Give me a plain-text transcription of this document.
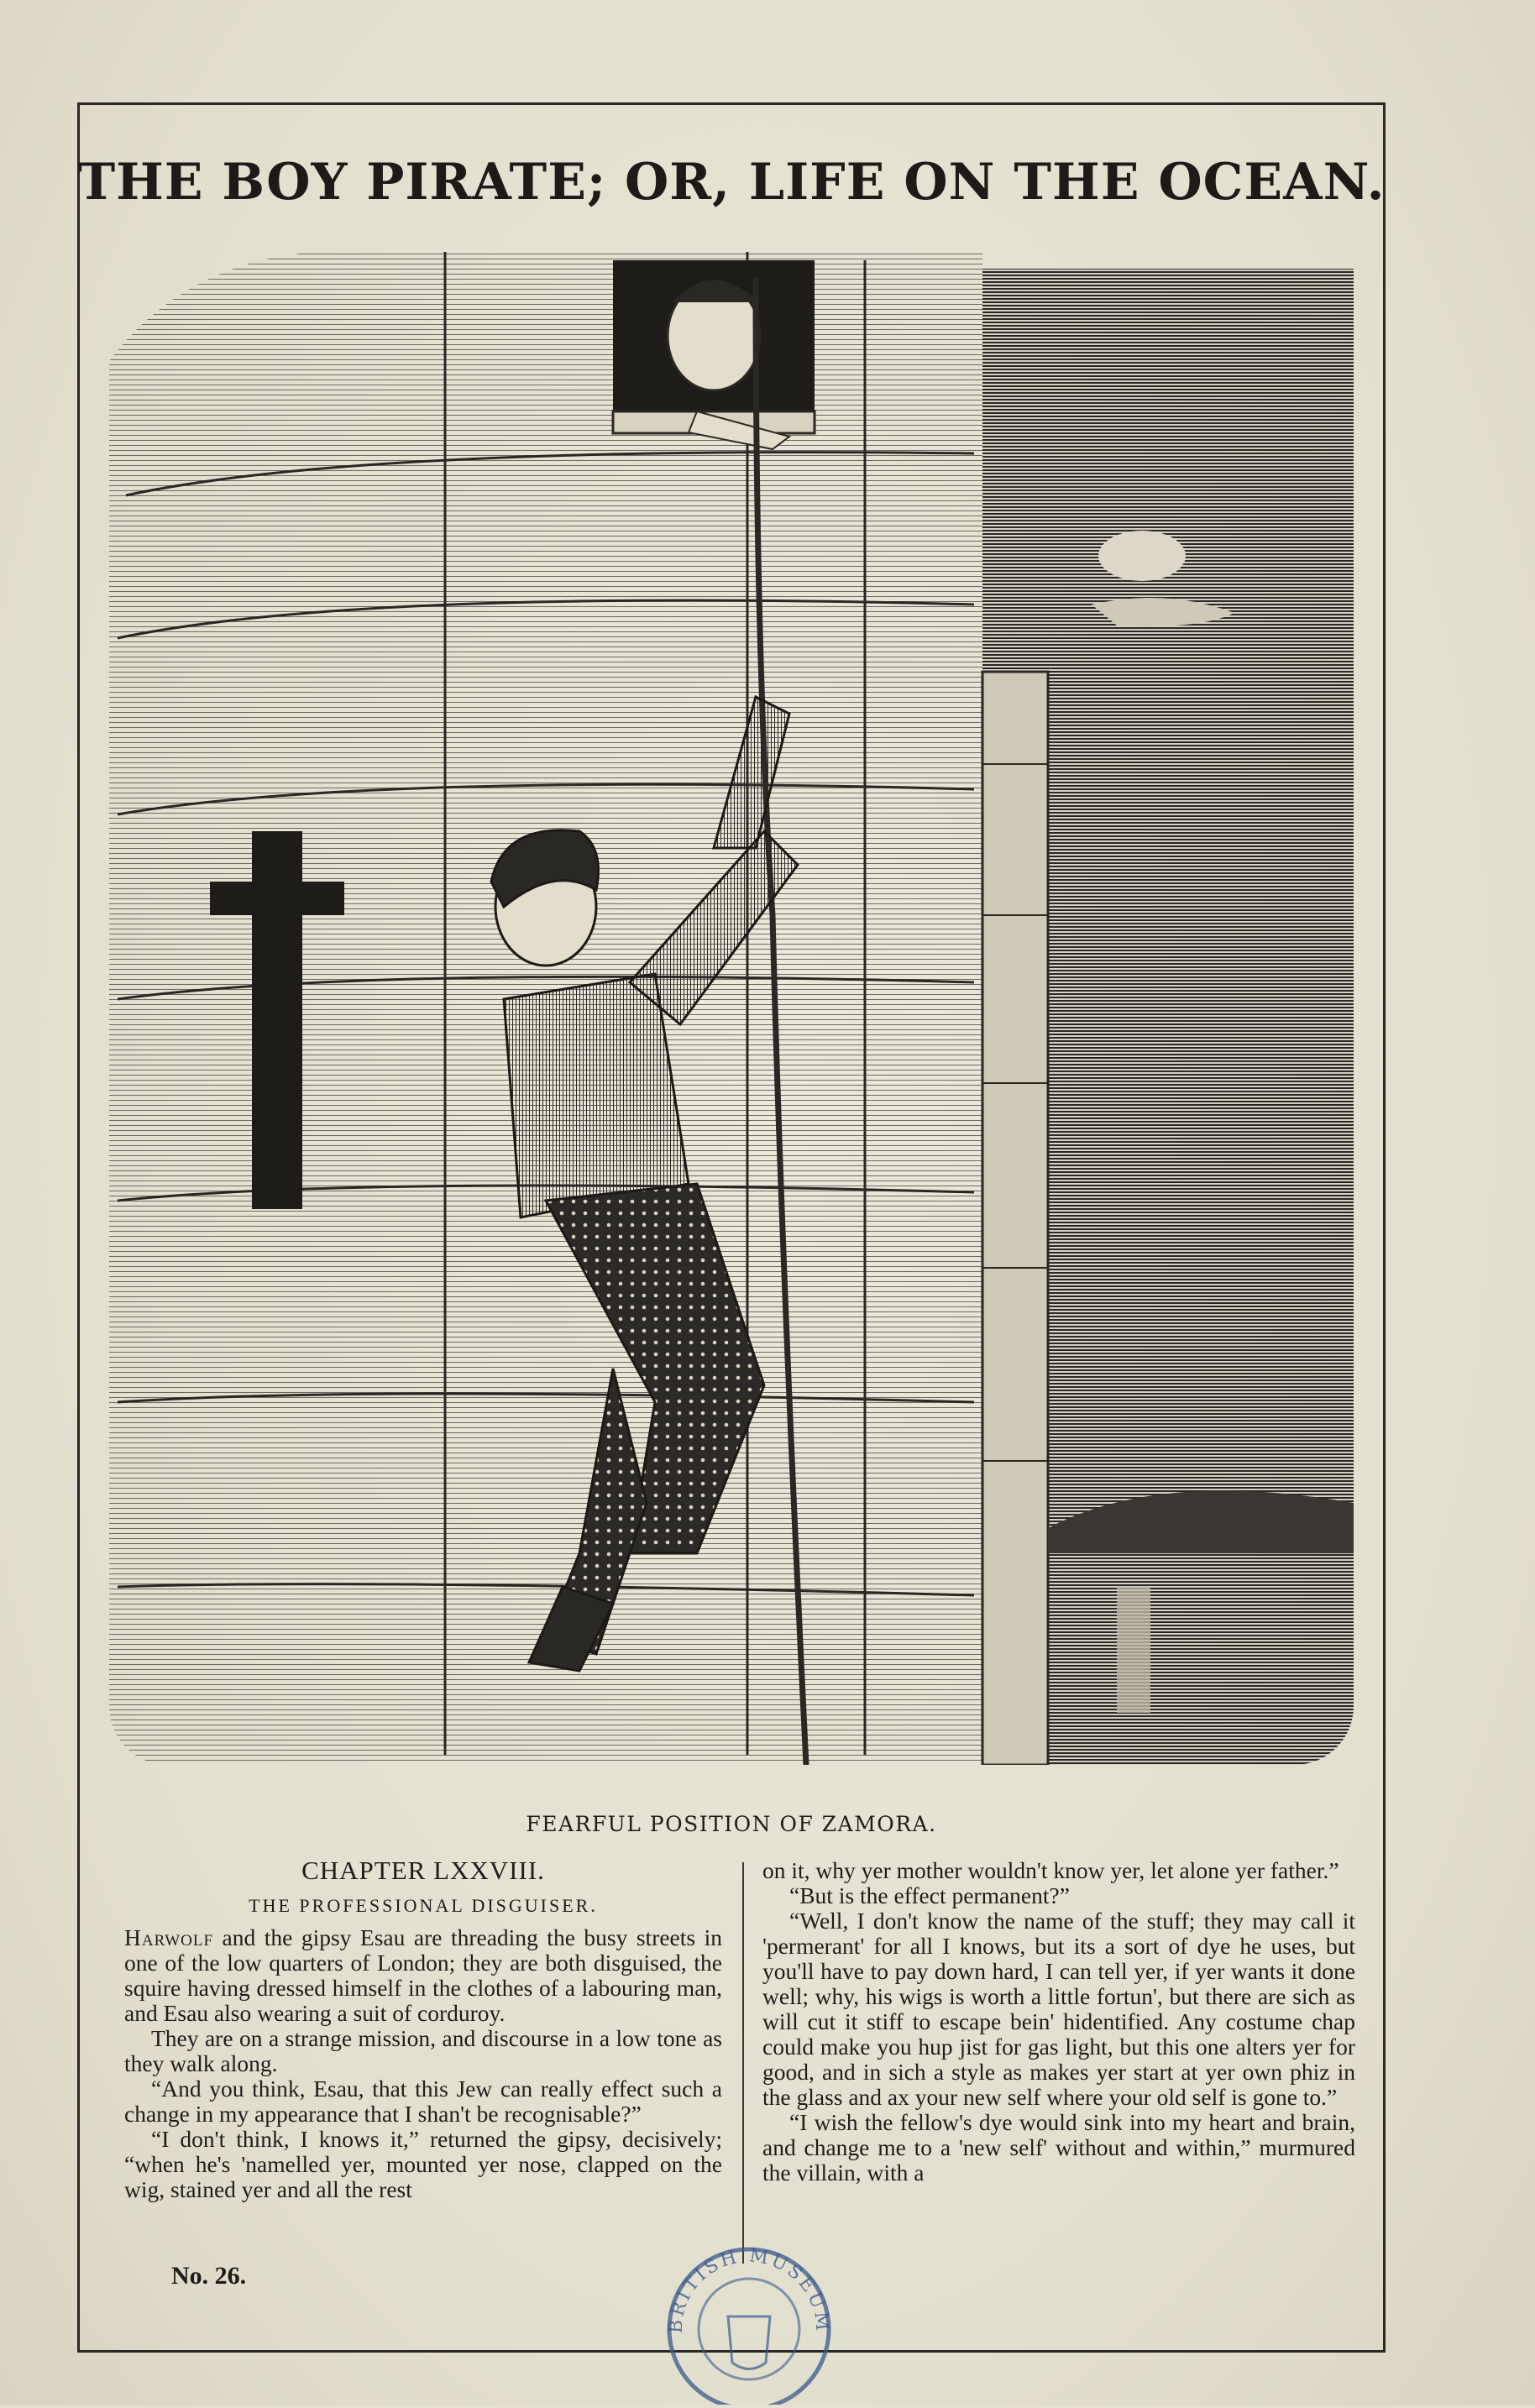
THE BOY PIRATE; OR, LIFE ON THE OCEAN.
FEARFUL POSITION OF ZAMORA.
CHAPTER LXXVIII.
THE PROFESSIONAL DISGUISER.

Harwolf and the gipsy Esau are threading the busy streets in one of the low quarters of London; they are both disguised, the squire having dressed himself in the clothes of a labouring man, and Esau also wearing a suit of corduroy.

They are on a strange mission, and discourse in a low tone as they walk along.

“And you think, Esau, that this Jew can really effect such a change in my appearance that I shan't be recognisable?”

“I don't think, I knows it,” returned the gipsy, decisively; “when he's 'namelled yer, mounted yer nose, clapped on the wig, stained yer and all the rest

on it, why yer mother wouldn't know yer, let alone yer father.”

“But is the effect permanent?”

“Well, I don't know the name of the stuff; they may call it 'permerant' for all I knows, but its a sort of dye he uses, but you'll have to pay down hard, I can tell yer, if yer wants it done well; why, his wigs is worth a little fortun', but there are sich as will cut it stiff to escape bein' hidentified. Any costume chap could make you hup jist for gas light, but this one alters yer for good, and in sich a style as makes yer start at yer own phiz in the glass and ax your new self where your old self is gone to.”

“I wish the fellow's dye would sink into my heart and brain, and change me to a 'new self' without and within,” murmured the villain, with a

No. 26.
BRITISH MUSEUM
